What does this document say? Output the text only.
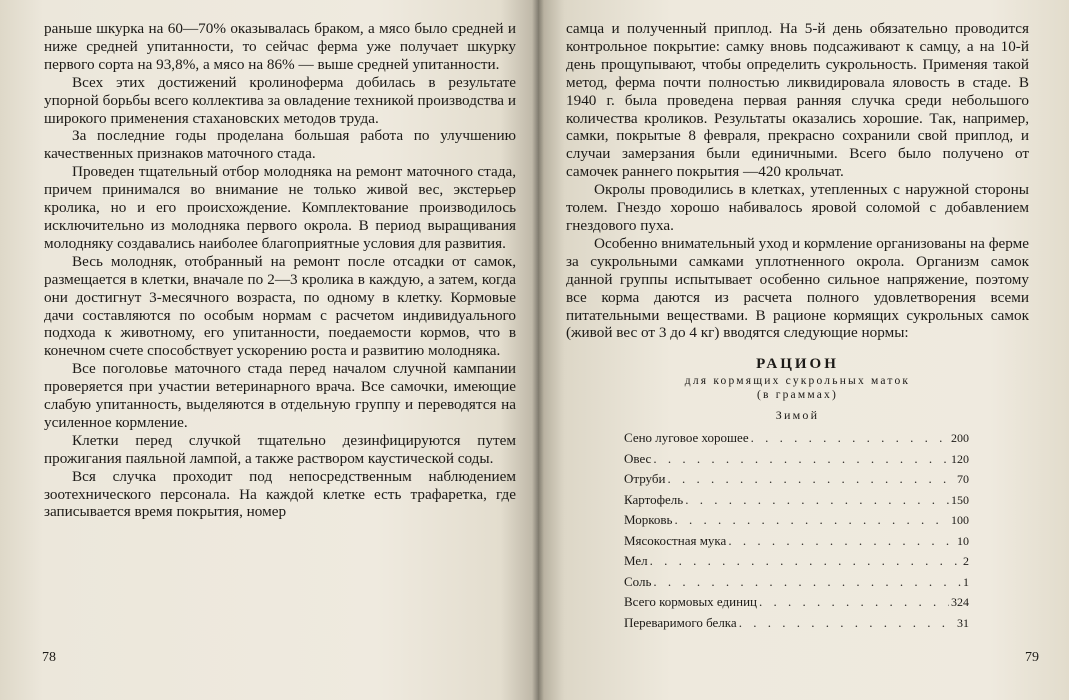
раньше шкурка на 60—70% оказывалась браком, а мясо было средней и ниже средней упитанности, то сейчас ферма уже получает шкурку первого сорта на 93,8%, а мясо на 86% — выше средней упитанности.

Всех этих достижений кролиноферма добилась в результате упорной борьбы всего коллектива за овладение техникой производства и широкого применения стахановских методов труда.

За последние годы проделана большая работа по улучшению качественных признаков маточного стада.

Проведен тщательный отбор молодняка на ремонт маточного стада, причем принимался во внимание не только живой вес, экстерьер кролика, но и его происхождение. Комплектование производилось исключительно из молодняка первого окрола. В период выращивания молодняку создавались наиболее благоприятные условия для развития.

Весь молодняк, отобранный на ремонт после отсадки от самок, размещается в клетки, вначале по 2—3 кролика в каждую, а затем, когда они достигнут 3-месячного возраста, по одному в клетку. Кормовые дачи составляются по особым нормам с расчетом индивидуального подхода к животному, его упитанности, поедаемости кормов, что в конечном счете способствует ускорению роста и развитию молодняка.

Все поголовье маточного стада перед началом случной кампании проверяется при участии ветеринарного врача. Все самочки, имеющие слабую упитанность, выделяются в отдельную группу и переводятся на усиленное кормление.

Клетки перед случкой тщательно дезинфицируются путем прожигания паяльной лампой, а также раствором каустической соды.

Вся случка проходит под непосредственным наблюдением зоотехнического персонала. На каждой клетке есть трафаретка, где записывается время покрытия, номер

78

самца и полученный приплод. На 5-й день обязательно проводится контрольное покрытие: самку вновь подсаживают к самцу, а на 10-й день прощупывают, чтобы определить сукрольность. Применяя такой метод, ферма почти полностью ликвидировала яловость в стаде. В 1940 г. была проведена первая ранняя случка среди небольшого количества кроликов. Результаты оказались хорошие. Так, например, самки, покрытые 8 февраля, прекрасно сохранили свой приплод, и случаи замерзания были единичными. Всего было получено от самочек раннего покрытия —420 крольчат.

Окролы проводились в клетках, утепленных с наружной стороны толем. Гнездо хорошо набивалось яровой соломой с добавлением гнездового пуха.

Особенно внимательный уход и кормление организованы на ферме за сукрольными самками уплотненного окрола. Организм самок данной группы испытывает особенно сильное напряжение, поэтому все корма даются из расчета полного удовлетворения всеми питательными веществами. В рационе кормящих сукрольных самок (живой вес от 3 до 4 кг) вводятся следующие нормы:

РАЦИОН
для кормящих сукрольных маток
(в граммах)
Зимой
Сено луговое хорошее . . .	200
Овес . . .	120
Отруби . . .	70
Картофель . . .	150
Морковь . . .	100
Мясокостная мука . . .	10
Мел . . .	2
Соль . . .	1
Всего кормовых единиц . . .	324
Переваримого белка . . .	31
79
